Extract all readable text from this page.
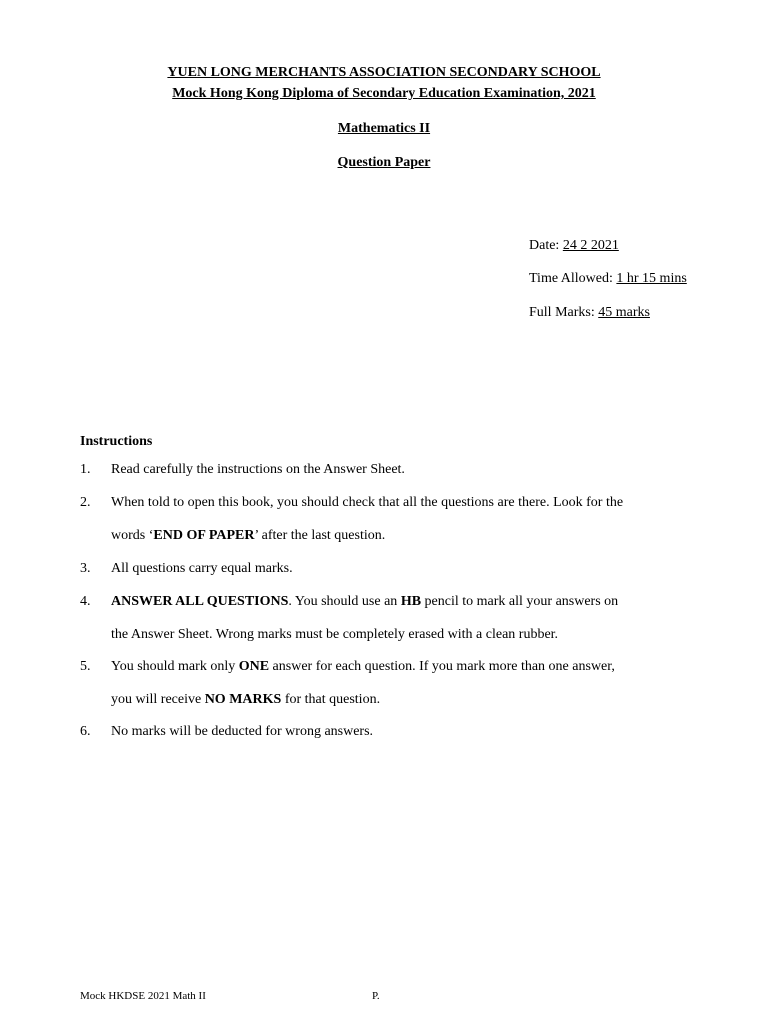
YUEN LONG MERCHANTS ASSOCIATION SECONDARY SCHOOL
Mock Hong Kong Diploma of Secondary Education Examination, 2021
Mathematics II
Question Paper
Date: 24 2 2021
Time Allowed: 1 hr 15 mins
Full Marks: 45 marks
Instructions
1. Read carefully the instructions on the Answer Sheet.
2. When told to open this book, you should check that all the questions are there. Look for the
words ‘END OF PAPER’ after the last question.
3. All questions carry equal marks.
4. ANSWER ALL QUESTIONS. You should use an HB pencil to mark all your answers on
the Answer Sheet. Wrong marks must be completely erased with a clean rubber.
5. You should mark only ONE answer for each question. If you mark more than one answer,
you will receive NO MARKS for that question.
6. No marks will be deducted for wrong answers.
Mock HKDSE 2021 Math II	P.
